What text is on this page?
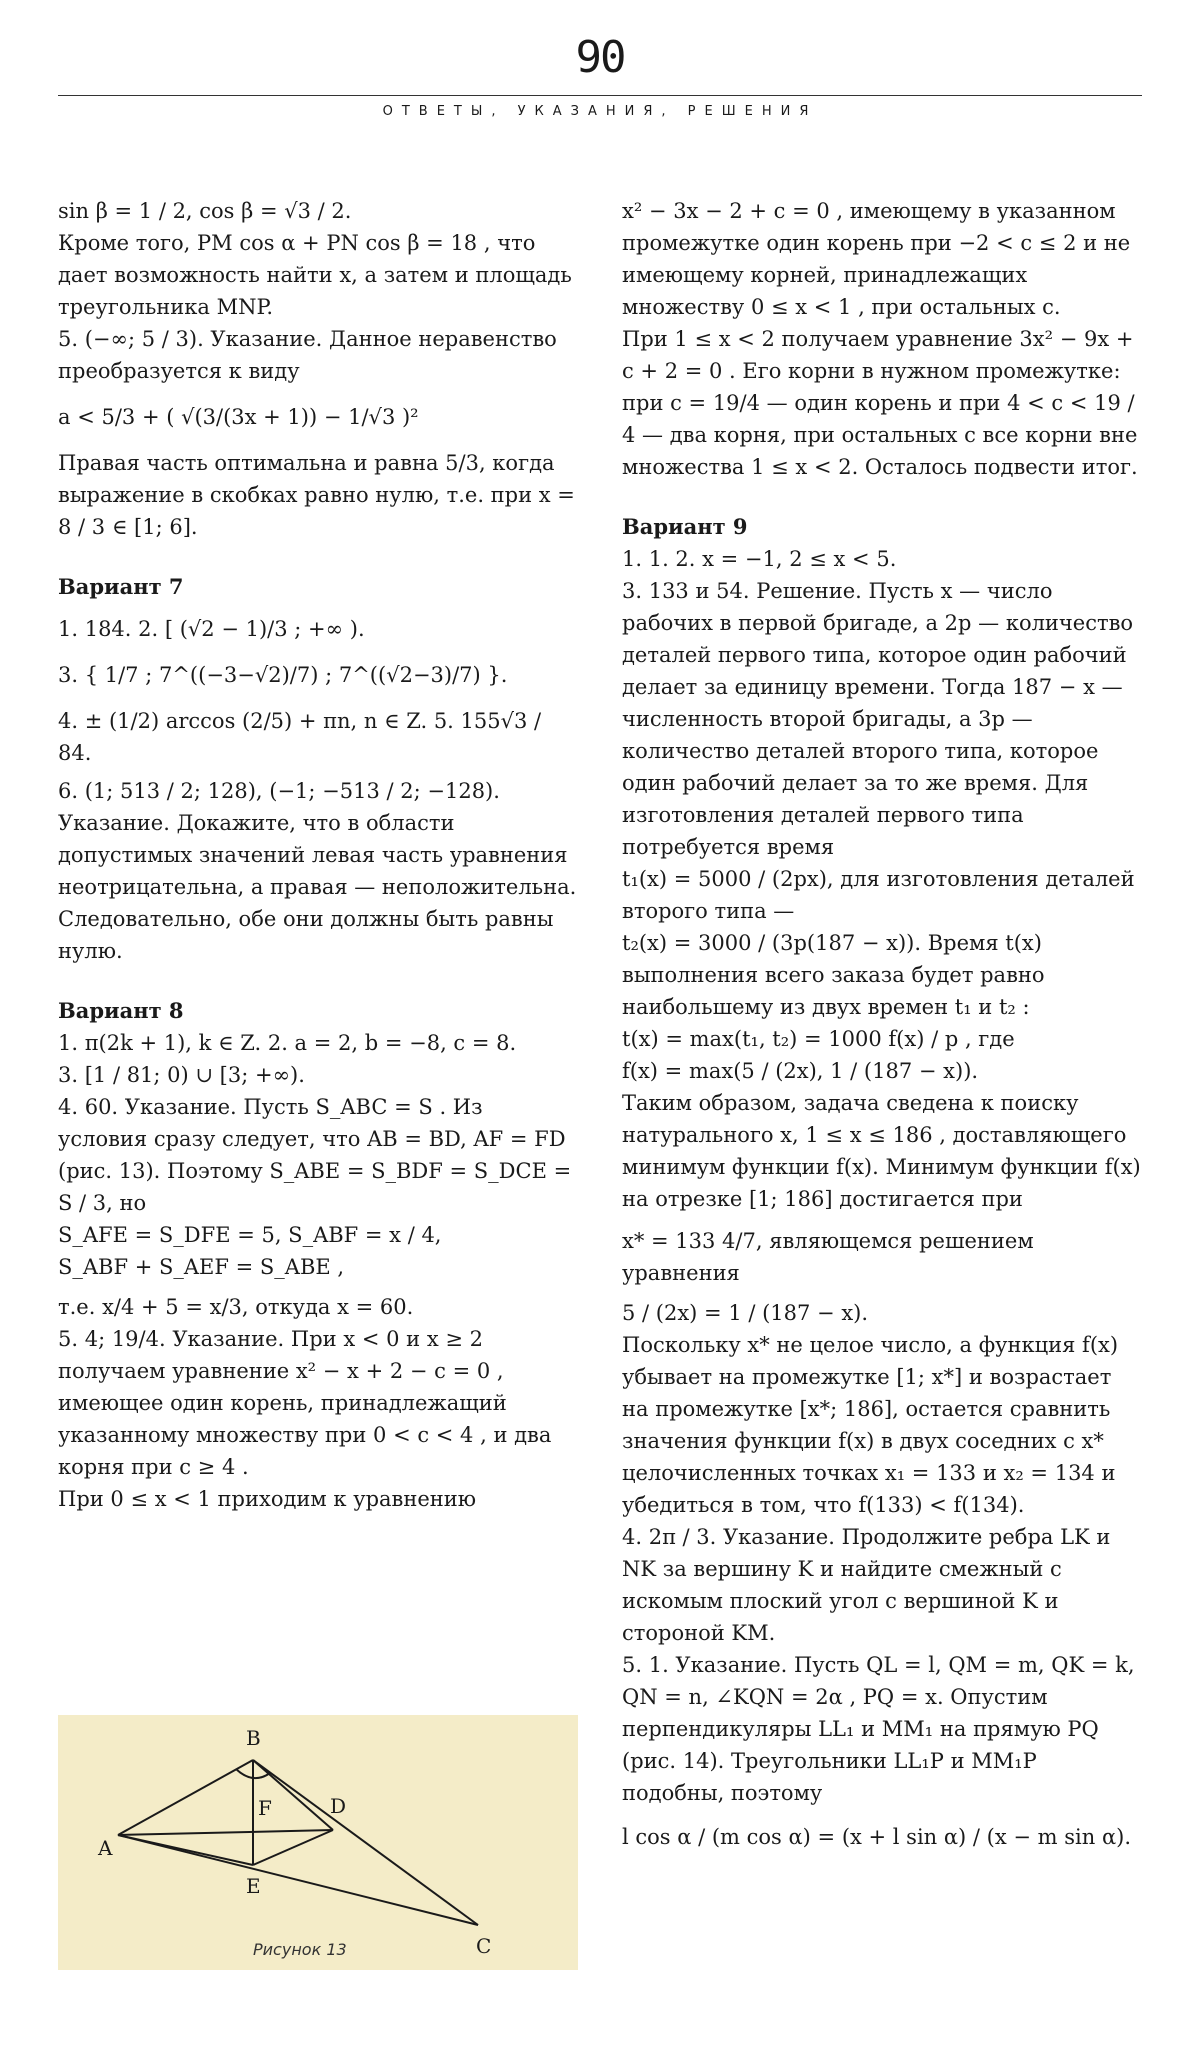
90
ОТВЕТЫ, УКАЗАНИЯ, РЕШЕНИЯ

sin β = 1 / 2, cos β = √3 / 2.

Кроме того, PM cos α + PN cos β = 18 , что дает возможность найти x, а затем и площадь треугольника MNP.

5. (−∞; 5 / 3). Указание. Данное неравенство преобразуется к виду

a < 5/3 + ( √(3/(3x + 1)) − 1/√3 )²

Правая часть оптимальна и равна 5/3, когда выражение в скобках равно нулю, т.е. при x = 8 / 3 ∈ [1; 6].

Вариант 7

1. 184. 2. [ (√2 − 1)/3 ; +∞ ).

3. { 1/7 ; 7^((−3−√2)/7) ; 7^((√2−3)/7) }.

4. ± (1/2) arccos (2/5) + πn, n ∈ Z. 5. 155√3 / 84.

6. (1; 513 / 2; 128), (−1; −513 / 2; −128).

Указание. Докажите, что в области допустимых значений левая часть уравнения неотрицательна, а правая — неположительна. Следовательно, обе они должны быть равны нулю.

Вариант 8

1. π(2k + 1), k ∈ Z. 2. a = 2, b = −8, c = 8.

3. [1 / 81; 0) ∪ [3; +∞).

4. 60. Указание. Пусть S_ABC = S . Из условия сразу следует, что AB = BD, AF = FD (рис. 13). Поэтому S_ABE = S_BDF = S_DCE = S / 3, но

S_AFE = S_DFE = 5, S_ABF = x / 4,

S_ABF + S_AEF = S_ABE ,

т.е. x/4 + 5 = x/3, откуда x = 60.

5. 4; 19/4. Указание. При x < 0 и x ≥ 2 получаем уравнение x² − x + 2 − c = 0 , имеющее один корень, принадлежащий указанному множеству при 0 < c < 4 , и два корня при c ≥ 4 .

При 0 ≤ x < 1 приходим к уравнению

B
F	D
A
E
C
Рисунок 13

x² − 3x − 2 + c = 0 , имеющему в указанном промежутке один корень при −2 < c ≤ 2 и не имеющему корней, принадлежащих множеству 0 ≤ x < 1 , при остальных c.

При 1 ≤ x < 2 получаем уравнение 3x² − 9x + c + 2 = 0 . Его корни в нужном промежутке: при c = 19/4 — один корень и при 4 < c < 19 / 4 — два корня, при остальных c все корни вне множества 1 ≤ x < 2. Осталось подвести итог.

Вариант 9

1. 1. 2. x = −1, 2 ≤ x < 5.

3. 133 и 54. Решение. Пусть x — число рабочих в первой бригаде, а 2p — количество деталей первого типа, которое один рабочий делает за единицу времени. Тогда 187 − x — численность второй бригады, а 3p — количество деталей второго типа, которое один рабочий делает за то же время. Для изготовления деталей первого типа потребуется время

t₁(x) = 5000 / (2px), для изготовления деталей второго типа —

t₂(x) = 3000 / (3p(187 − x)). Время t(x) выполнения всего заказа будет равно наибольшему из двух времен t₁ и t₂ :

t(x) = max(t₁, t₂) = 1000 f(x) / p , где

f(x) = max(5 / (2x), 1 / (187 − x)).

Таким образом, задача сведена к поиску натурального x, 1 ≤ x ≤ 186 , доставляющего минимум функции f(x). Минимум функции f(x) на отрезке [1; 186] достигается при

x* = 133 4/7, являющемся решением уравнения

5 / (2x) = 1 / (187 − x).

Поскольку x* не целое число, а функция f(x) убывает на промежутке [1; x*] и возрастает на промежутке [x*; 186], остается сравнить значения функции f(x) в двух соседних с x* целочисленных точках x₁ = 133 и x₂ = 134 и убедиться в том, что f(133) < f(134).

4. 2π / 3. Указание. Продолжите ребра LK и NK за вершину K и найдите смежный с искомым плоский угол с вершиной K и стороной KM.

5. 1. Указание. Пусть QL = l, QM = m, QK = k, QN = n, ∠KQN = 2α , PQ = x. Опустим перпендикуляры LL₁ и MM₁ на прямую PQ (рис. 14). Треугольники LL₁P и MM₁P подобны, поэтому

l cos α / (m cos α) = (x + l sin α) / (x − m sin α).
